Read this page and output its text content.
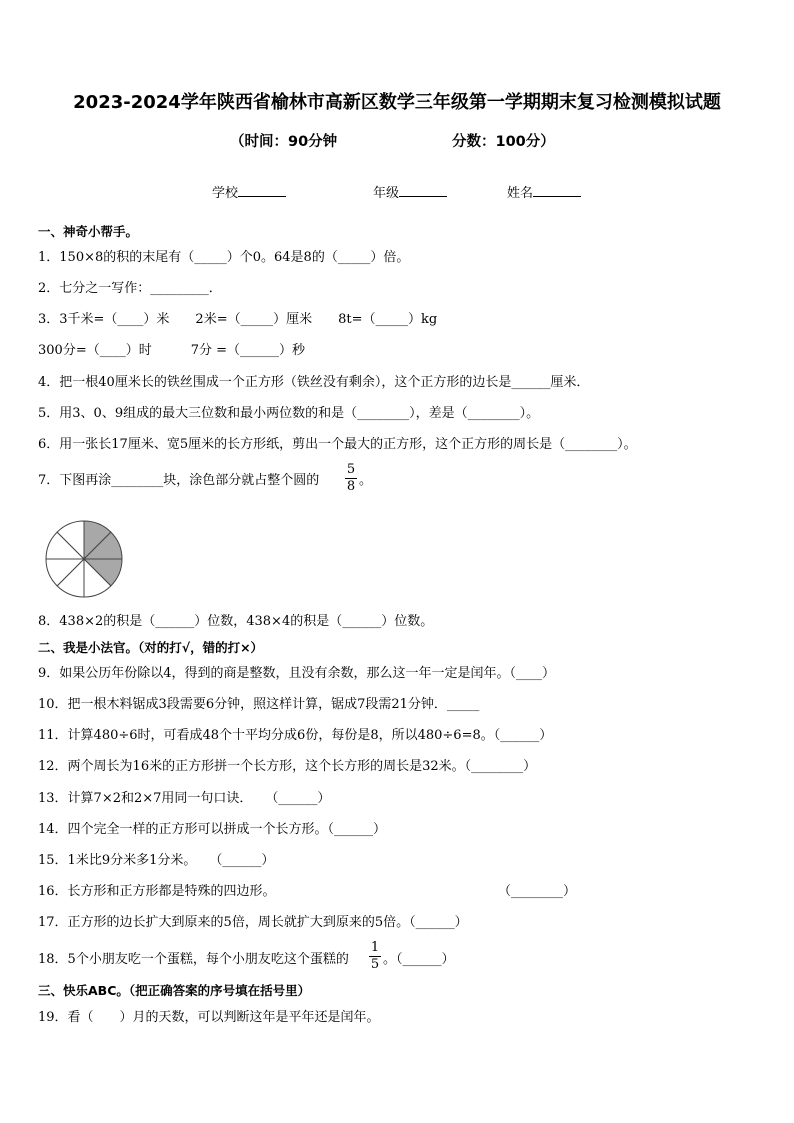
2023-2024学年陕西省榆林市高新区数学三年级第一学期期末复习检测模拟试题
（时间：90分钟	分数：100分）
学校	年级	姓名
一、神奇小帮手。
1．150×8的积的末尾有（_____）个0。64是8的（_____）倍。
2．七分之一写作：_________．
3．3千米=（____）米　　2米=（_____）厘米　　8t=（_____）kg
300分=（____）时　　　7分 =（______）秒
4．把一根40厘米长的铁丝围成一个正方形（铁丝没有剩余），这个正方形的边长是______厘米．
5．用3、0、9组成的最大三位数和最小两位数的和是（________），差是（________）。
6．用一张长17厘米、宽5厘米的长方形纸，剪出一个最大的正方形，这个正方形的周长是（________）。
7．下图再涂________块，涂色部分就占整个圆的
5
8 。
8．438×2的积是（______）位数，438×4的积是（______）位数。
二、我是小法官。（对的打√，错的打×）
9．如果公历年份除以4，得到的商是整数，且没有余数，那么这一年一定是闰年。（____）
10．把一根木料锯成3段需要6分钟，照这样计算，锯成7段需21分钟．_____
11．计算480÷6时，可看成48个十平均分成6份，每份是8，所以480÷6=8。（______）
12．两个周长为16米的正方形拼一个长方形，这个长方形的周长是32米。（________）
13．计算7×2和2×7用同一句口诀．　　（______）
14．四个完全一样的正方形可以拼成一个长方形。（______）
15．1米比9分米多1分米。　　（______）
16．长方形和正方形都是特殊的四边形。	（________）
17．正方形的边长扩大到原来的5倍，周长就扩大到原来的5倍。（______）
18．5个小朋友吃一个蛋糕，每个小朋友吃这个蛋糕的
1
5 。（______）
三、快乐ABC。（把正确答案的序号填在括号里）
19．看（　　）月的天数，可以判断这年是平年还是闰年。
